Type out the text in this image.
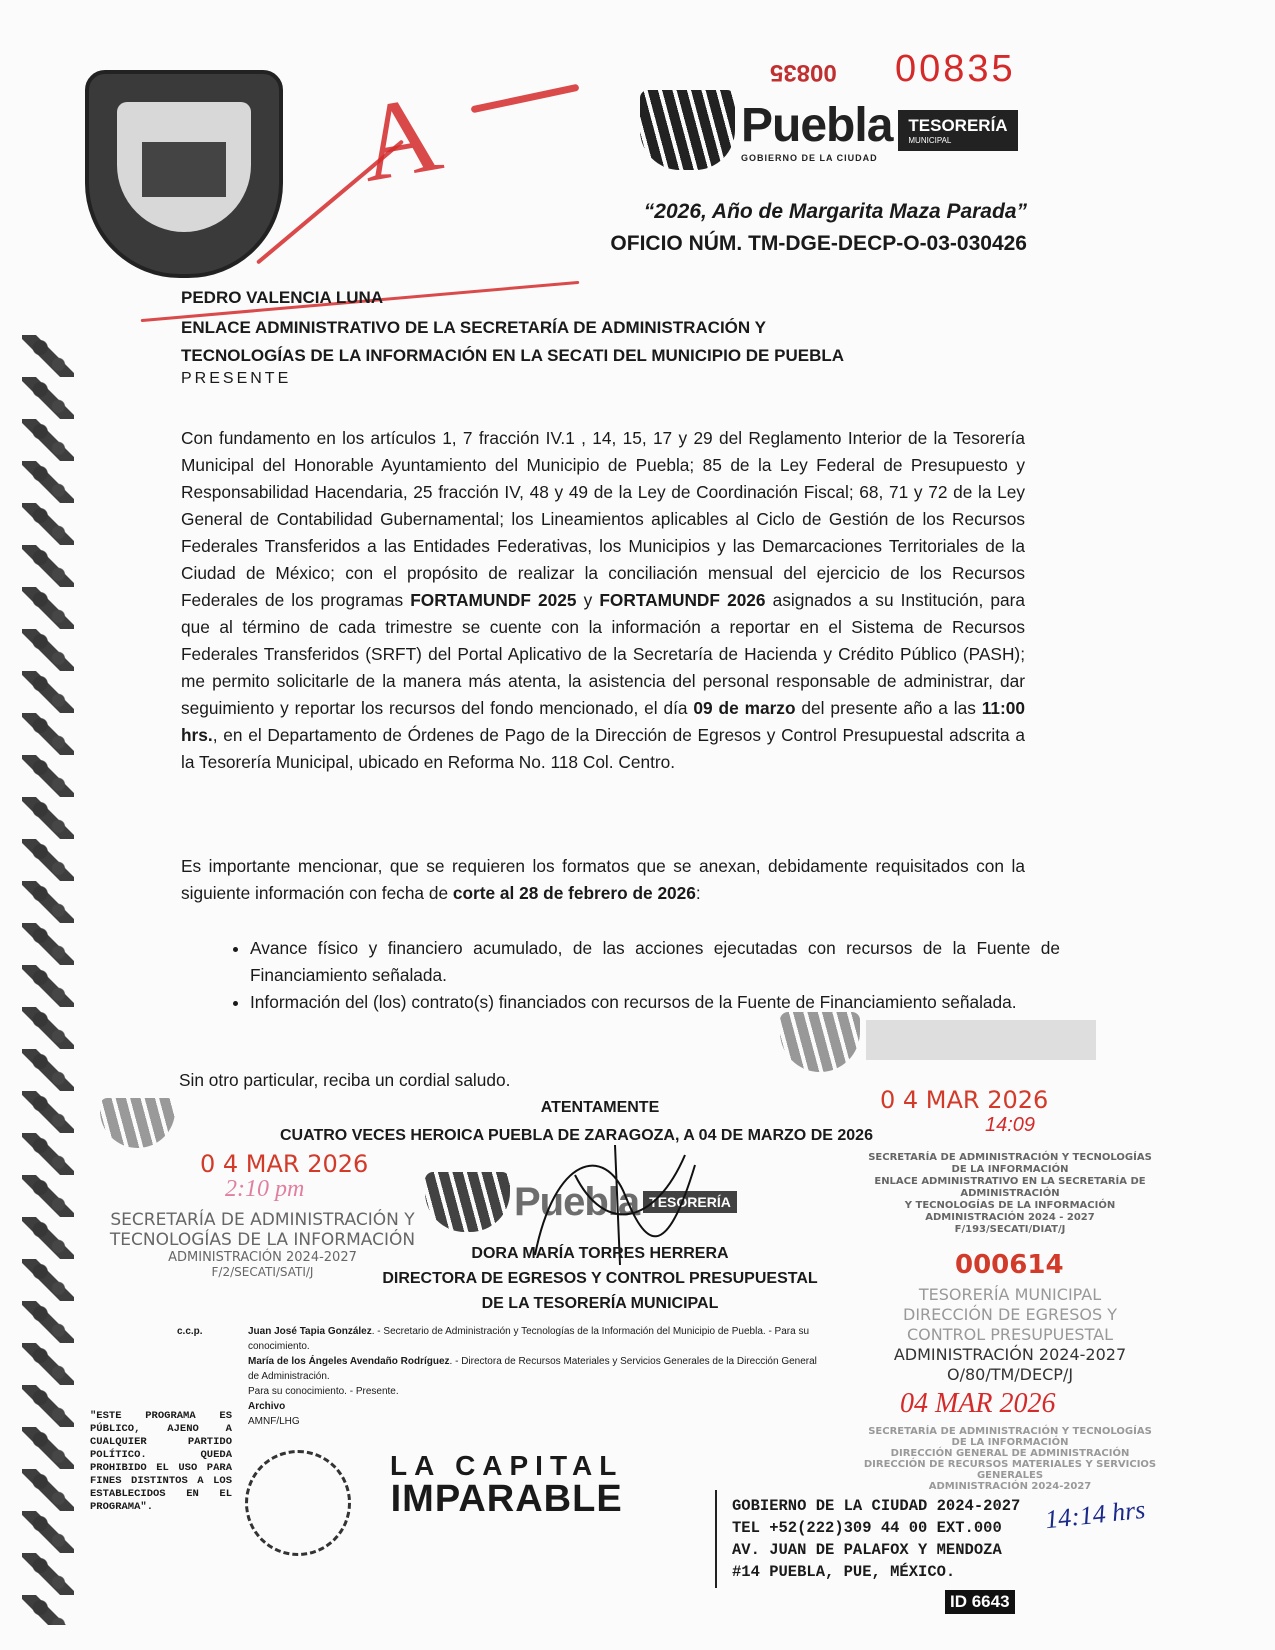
A
00835
00835
Puebla
GOBIERNO DE LA CIUDAD
TESORERÍA
MUNICIPAL
“2026, Año de Margarita Maza Parada”
OFICIO NÚM. TM-DGE-DECP-O-03-030426
PEDRO VALENCIA LUNA
ENLACE ADMINISTRATIVO DE LA SECRETARÍA DE ADMINISTRACIÓN Y
TECNOLOGÍAS DE LA INFORMACIÓN EN LA SECATI DEL MUNICIPIO DE PUEBLA
PRESENTE
Con fundamento en los artículos 1, 7 fracción IV.1 , 14, 15, 17 y 29 del Reglamento Interior de la Tesorería Municipal del Honorable Ayuntamiento del Municipio de Puebla; 85 de la Ley Federal de Presupuesto y Responsabilidad Hacendaria, 25 fracción IV, 48 y 49 de la Ley de Coordinación Fiscal; 68, 71 y 72 de la Ley General de Contabilidad Gubernamental; los Lineamientos aplicables al Ciclo de Gestión de los Recursos Federales Transferidos a las Entidades Federativas, los Municipios y las Demarcaciones Territoriales de la Ciudad de México; con el propósito de realizar la conciliación mensual del ejercicio de los Recursos Federales de los programas FORTAMUNDF 2025 y FORTAMUNDF 2026 asignados a su Institución, para que al término de cada trimestre se cuente con la información a reportar en el Sistema de Recursos Federales Transferidos (SRFT) del Portal Aplicativo de la Secretaría de Hacienda y Crédito Público (PASH); me permito solicitarle de la manera más atenta, la asistencia del personal responsable de administrar, dar seguimiento y reportar los recursos del fondo mencionado, el día 09 de marzo del presente año a las 11:00 hrs., en el Departamento de Órdenes de Pago de la Dirección de Egresos y Control Presupuestal adscrita a la Tesorería Municipal, ubicado en Reforma No. 118 Col. Centro.
Es importante mencionar, que se requieren los formatos que se anexan, debidamente requisitados con la siguiente información con fecha de corte al 28 de febrero de 2026:
• Avance físico y financiero acumulado, de las acciones ejecutadas con recursos de la Fuente de Financiamiento señalada.
• Información del (los) contrato(s) financiados con recursos de la Fuente de Financiamiento señalada.
Sin otro particular, reciba un cordial saludo.
ATENTAMENTE
CUATRO VECES HEROICA PUEBLA DE ZARAGOZA, A 04 DE MARZO DE 2026
0 4 MAR 2026
2:10 pm
SECRETARÍA DE ADMINISTRACIÓN Y
TECNOLOGÍAS DE LA INFORMACIÓN
ADMINISTRACIÓN 2024-2027
F/2/SECATI/SATI/J
0 4 MAR 2026
14:09
SECRETARÍA DE ADMINISTRACIÓN Y TECNOLOGÍAS
DE LA INFORMACIÓN
ENLACE ADMINISTRATIVO EN LA SECRETARÍA DE ADMINISTRACIÓN
Y TECNOLOGÍAS DE LA INFORMACIÓN
ADMINISTRACIÓN 2024 - 2027
F/193/SECATI/DIAT/J
000614
Puebla TESORERÍA
DORA MARÍA TORRES HERRERA
DIRECTORA DE EGRESOS Y CONTROL PRESUPUESTAL
DE LA TESORERÍA MUNICIPAL	TESORERÍA MUNICIPAL
DIRECCIÓN DE EGRESOS Y
CONTROL PRESUPUESTAL
ADMINISTRACIÓN 2024-2027
O/80/TM/DECP/J
c.c.p.	Juan José Tapia González. - Secretario de Administración y Tecnologías de la Información del Municipio de Puebla. - Para su conocimiento.
María de los Ángeles Avendaño Rodríguez. - Directora de Recursos Materiales y Servicios Generales de la Dirección General de Administración.
Para su conocimiento. - Presente.
Archivo
AMNF/LHG
04 MAR 2026
SECRETARÍA DE ADMINISTRACIÓN Y TECNOLOGÍAS
DE LA INFORMACIÓN
DIRECCIÓN GENERAL DE ADMINISTRACIÓN
DIRECCIÓN DE RECURSOS MATERIALES Y SERVICIOS GENERALES
ADMINISTRACIÓN 2024-2027
14:14 hrs
"ESTE PROGRAMA ES PÚBLICO, AJENO A CUALQUIER PARTIDO POLÍTICO. QUEDA PROHIBIDO EL USO PARA FINES DISTINTOS A LOS ESTABLECIDOS EN EL PROGRAMA".
LA CAPITAL
IMPARABLE	GOBIERNO DE LA CIUDAD 2024-2027
TEL +52(222)309 44 00 EXT.000
AV. JUAN DE PALAFOX Y MENDOZA
#14 PUEBLA, PUE, MÉXICO.
ID 6643
